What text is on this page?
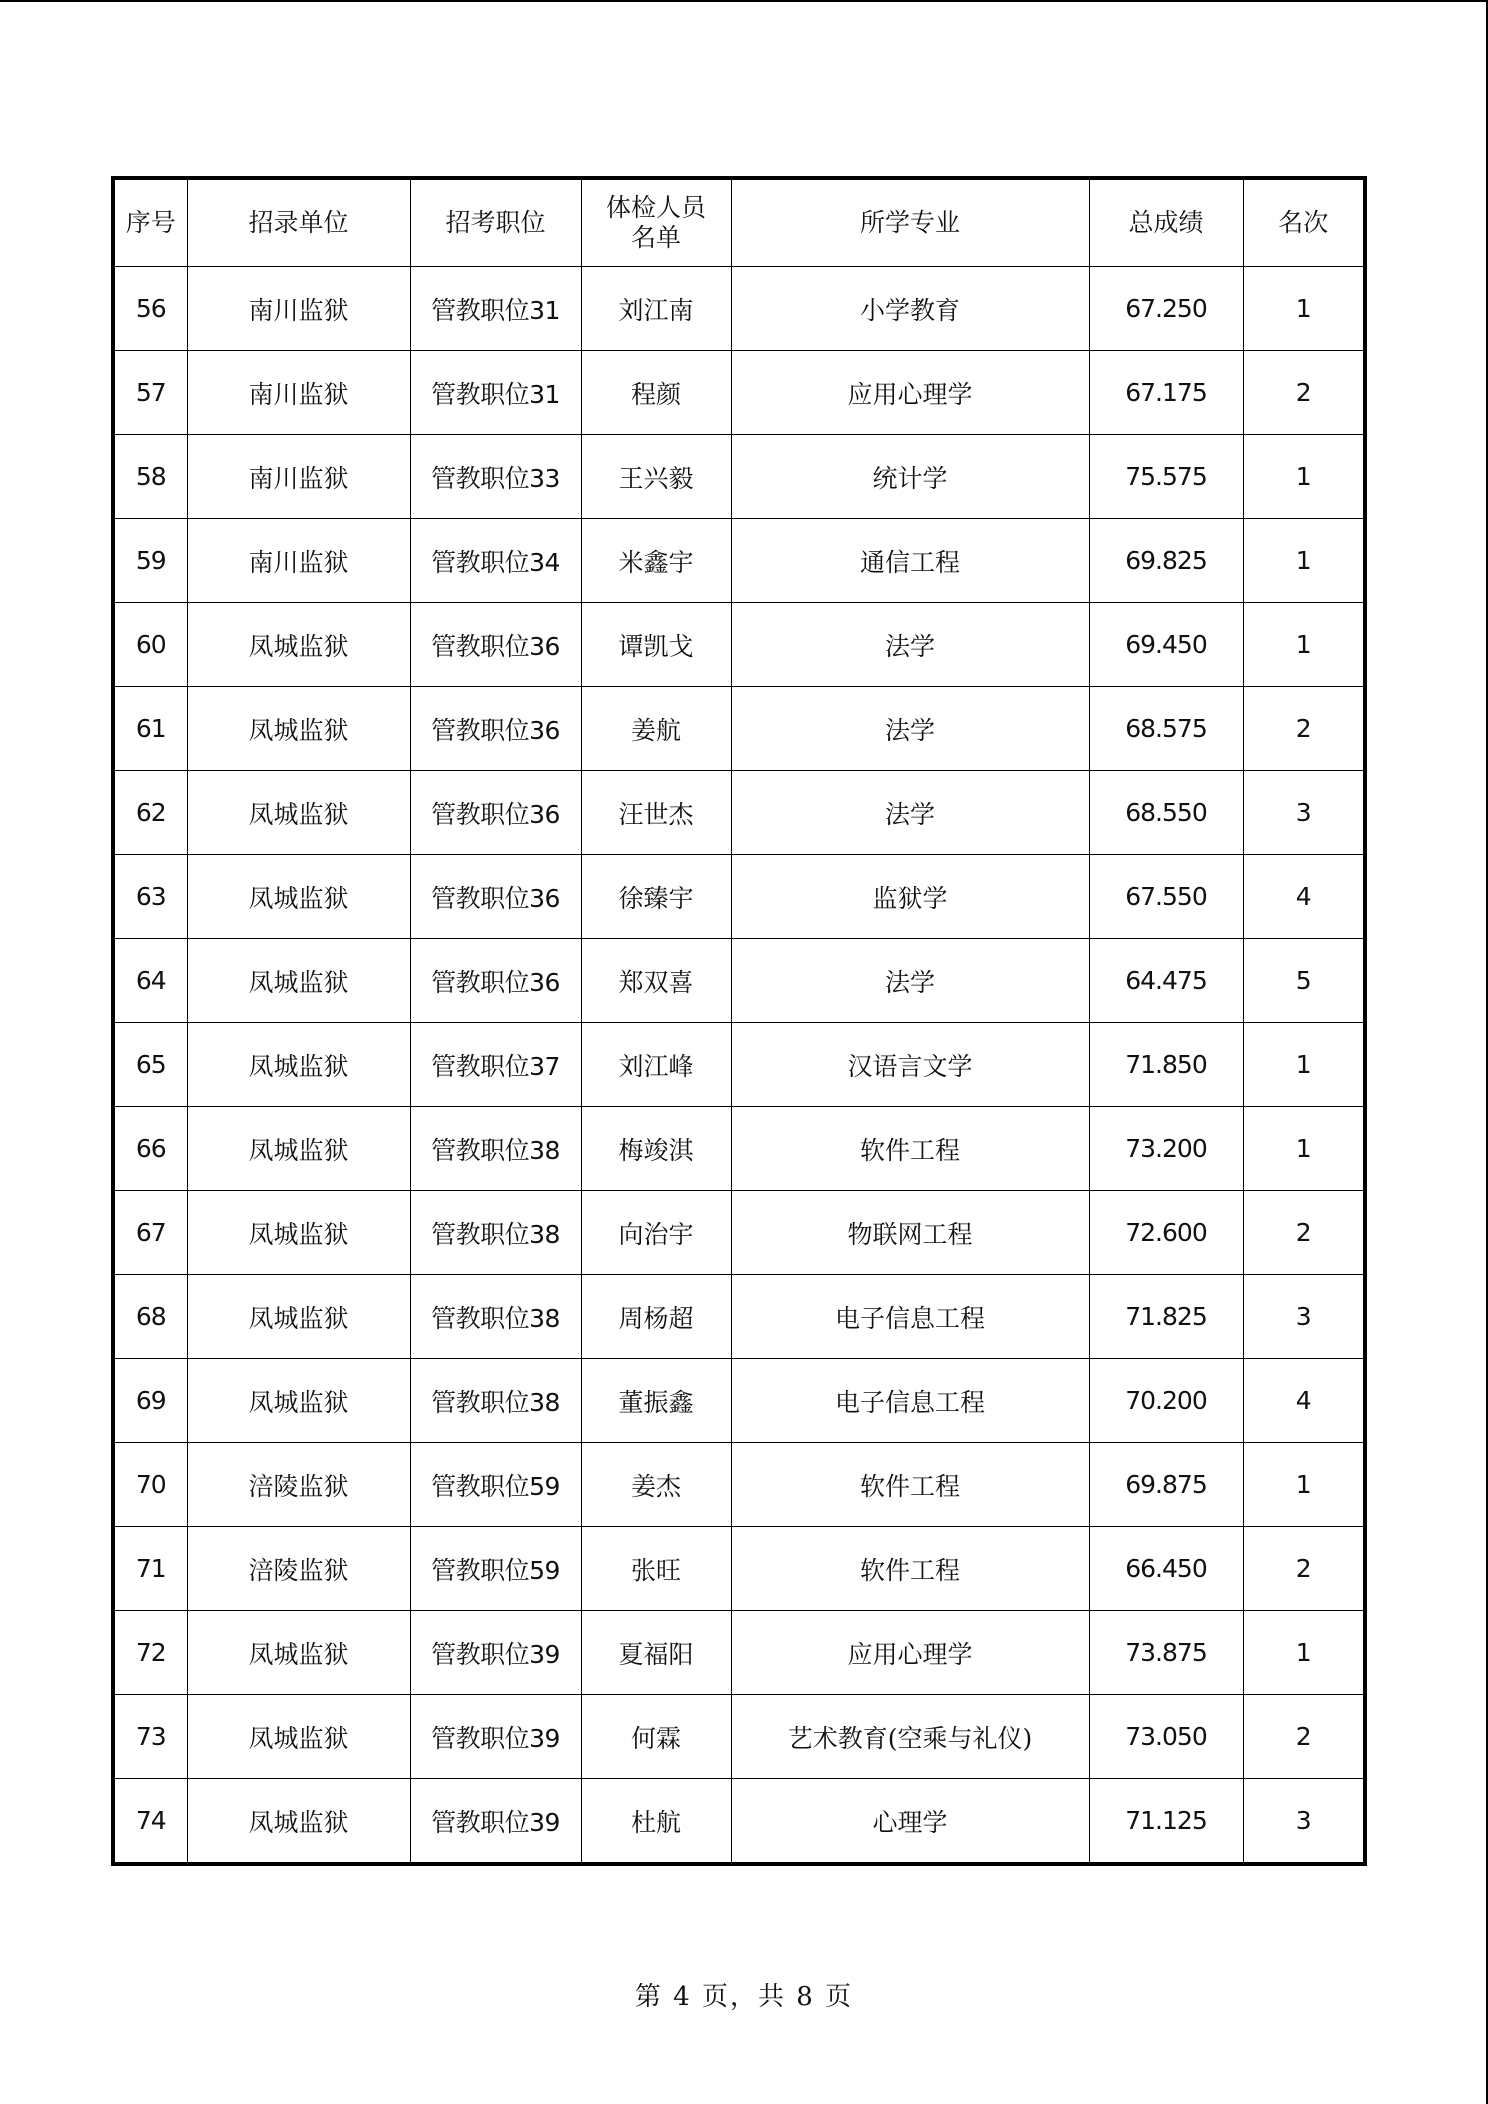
序号	招录单位	招考职位	体检人员名单	所学专业	总成绩	名次
56	南川监狱	管教职位31	刘江南	小学教育	67.250	1
57	南川监狱	管教职位31	程颜	应用心理学	67.175	2
58	南川监狱	管教职位33	王兴毅	统计学	75.575	1
59	南川监狱	管教职位34	米鑫宇	通信工程	69.825	1
60	凤城监狱	管教职位36	谭凯戈	法学	69.450	1
61	凤城监狱	管教职位36	姜航	法学	68.575	2
62	凤城监狱	管教职位36	汪世杰	法学	68.550	3
63	凤城监狱	管教职位36	徐臻宇	监狱学	67.550	4
64	凤城监狱	管教职位36	郑双喜	法学	64.475	5
65	凤城监狱	管教职位37	刘江峰	汉语言文学	71.850	1
66	凤城监狱	管教职位38	梅竣淇	软件工程	73.200	1
67	凤城监狱	管教职位38	向治宇	物联网工程	72.600	2
68	凤城监狱	管教职位38	周杨超	电子信息工程	71.825	3
69	凤城监狱	管教职位38	董振鑫	电子信息工程	70.200	4
70	涪陵监狱	管教职位59	姜杰	软件工程	69.875	1
71	涪陵监狱	管教职位59	张旺	软件工程	66.450	2
72	凤城监狱	管教职位39	夏福阳	应用心理学	73.875	1
73	凤城监狱	管教职位39	何霖	艺术教育(空乘与礼仪)	73.050	2
74	凤城监狱	管教职位39	杜航	心理学	71.125	3
第 4 页，共 8 页
